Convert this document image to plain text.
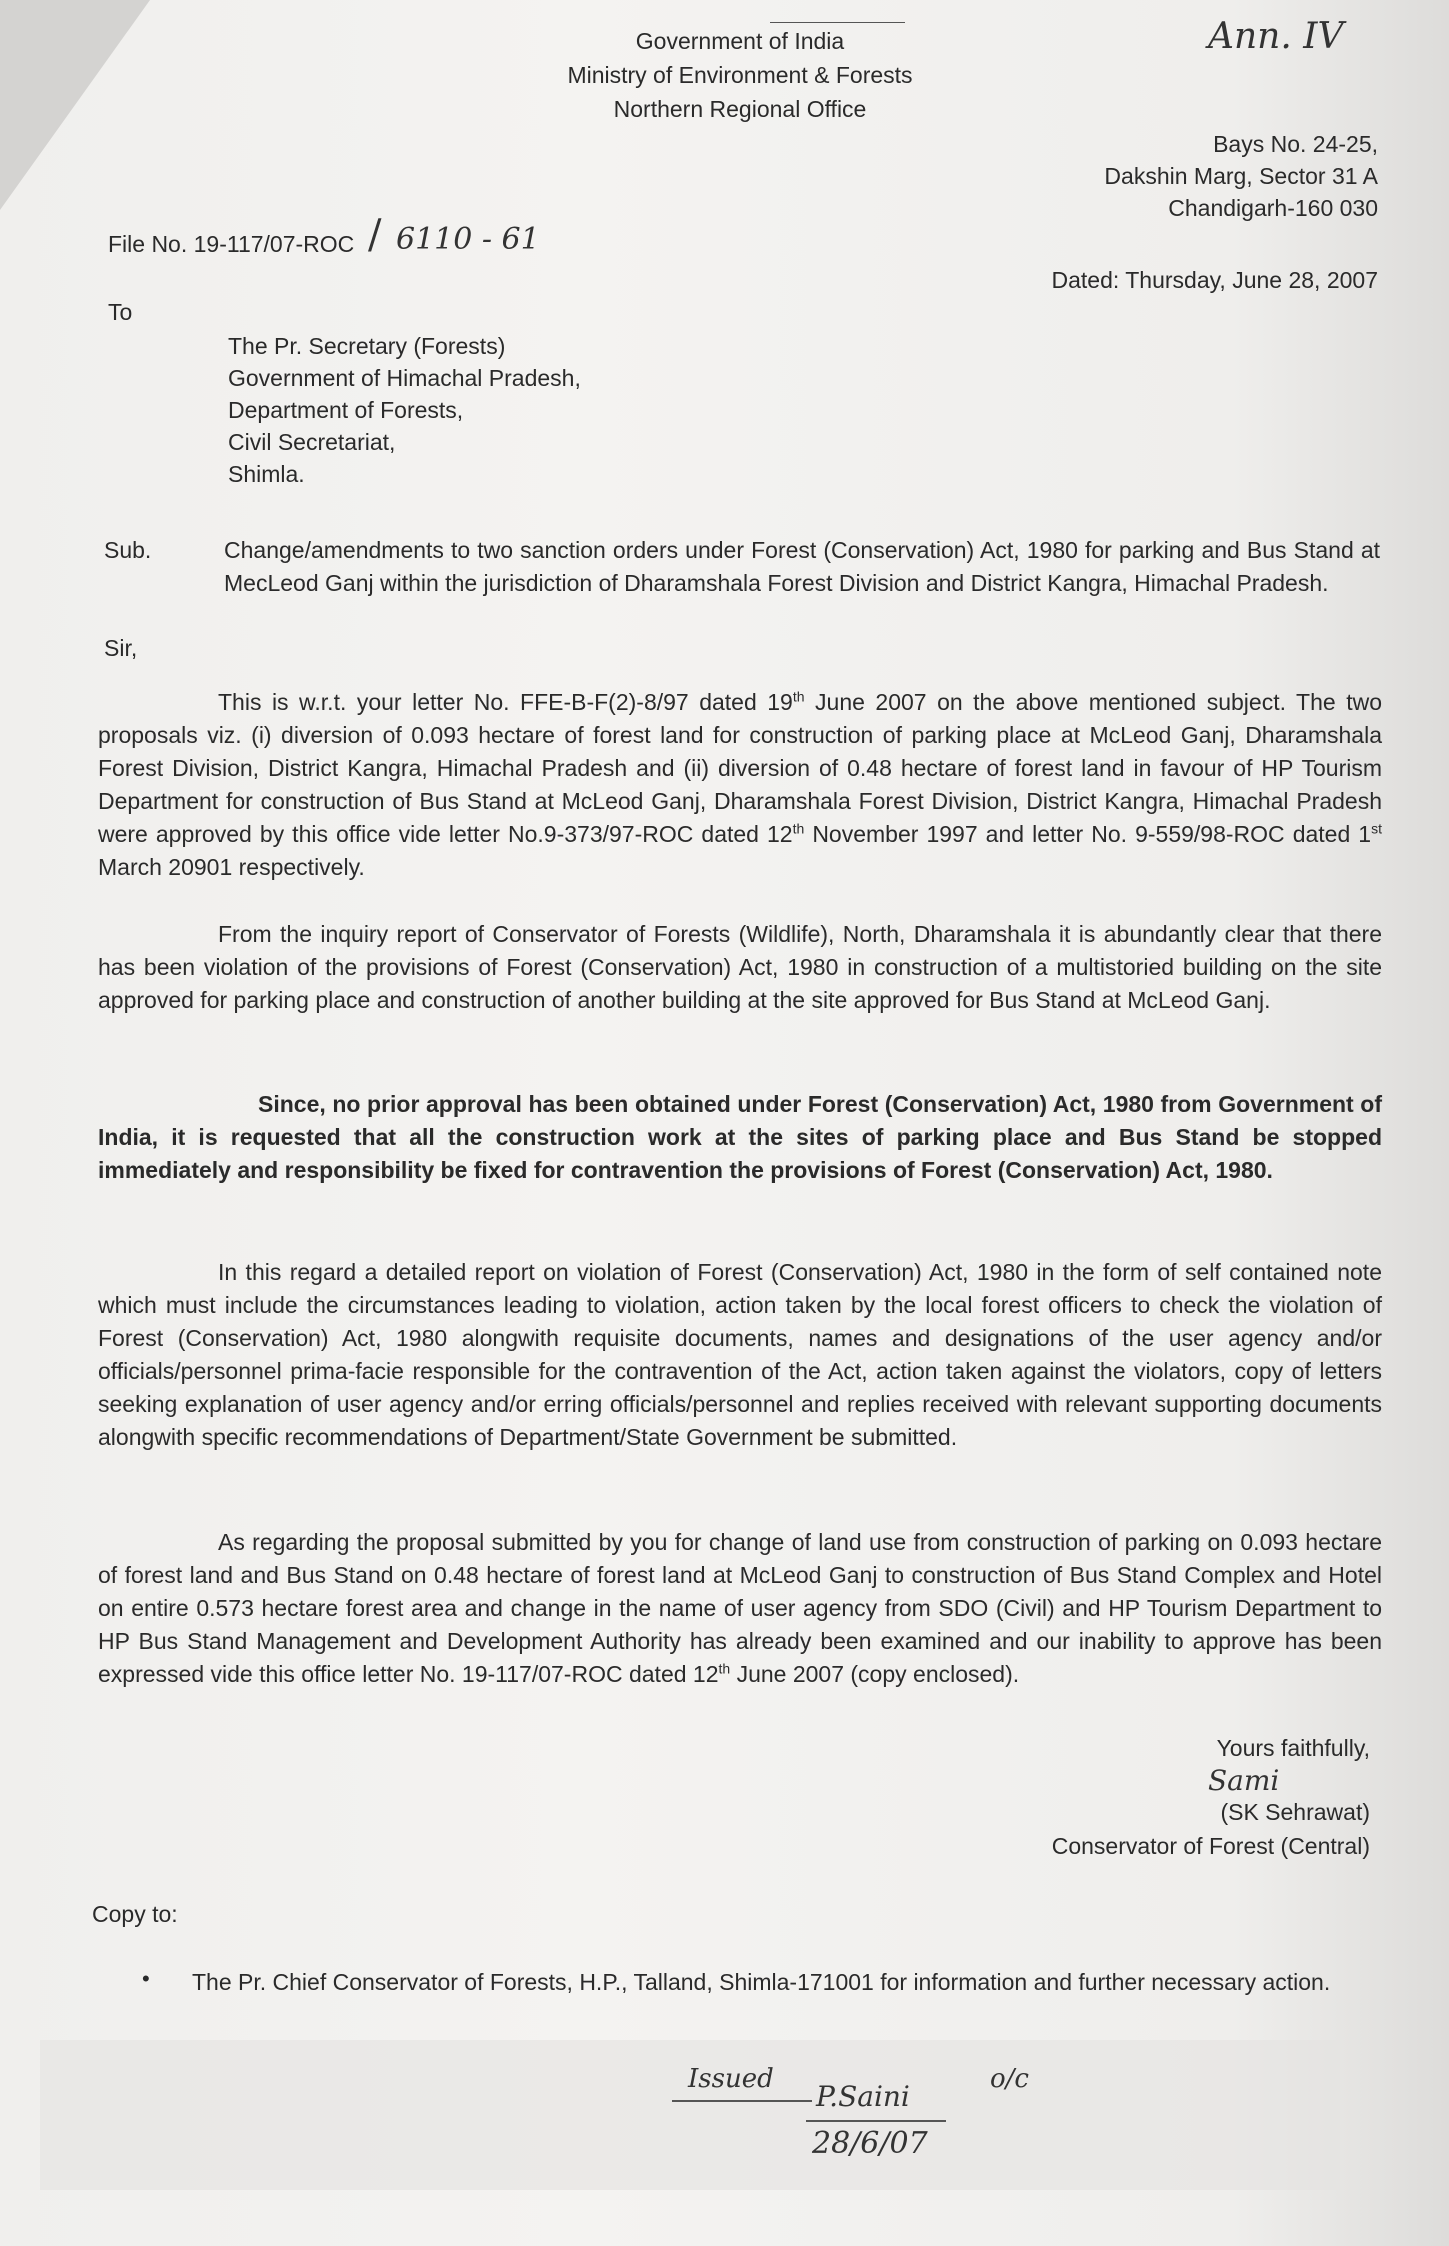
Government of India
Ministry of Environment & Forests
Northern Regional Office
Ann. IV
Bays No. 24-25,
Dakshin Marg, Sector 31 A
Chandigarh-160 030
File No. 19-117/07-ROC / 6110 - 61
Dated: Thursday, June 28, 2007
To
The Pr. Secretary (Forests)
Government of Himachal Pradesh,
Department of Forests,
Civil Secretariat,
Shimla.
Sub.	Change/amendments to two sanction orders under Forest (Conservation) Act, 1980 for parking and Bus Stand at MecLeod Ganj within the jurisdiction of Dharamshala Forest Division and District Kangra, Himachal Pradesh.
Sir,
This is w.r.t. your letter No. FFE-B-F(2)-8/97 dated 19th June 2007 on the above mentioned subject. The two proposals viz. (i) diversion of 0.093 hectare of forest land for construction of parking place at McLeod Ganj, Dharamshala Forest Division, District Kangra, Himachal Pradesh and (ii) diversion of 0.48 hectare of forest land in favour of HP Tourism Department for construction of Bus Stand at McLeod Ganj, Dharamshala Forest Division, District Kangra, Himachal Pradesh were approved by this office vide letter No.9-373/97-ROC dated 12th November 1997 and letter No. 9-559/98-ROC dated 1st March 20901 respectively.
From the inquiry report of Conservator of Forests (Wildlife), North, Dharamshala it is abundantly clear that there has been violation of the provisions of Forest (Conservation) Act, 1980 in construction of a multistoried building on the site approved for parking place and construction of another building at the site approved for Bus Stand at McLeod Ganj.
Since, no prior approval has been obtained under Forest (Conservation) Act, 1980 from Government of India, it is requested that all the construction work at the sites of parking place and Bus Stand be stopped immediately and responsibility be fixed for contravention the provisions of Forest (Conservation) Act, 1980.
In this regard a detailed report on violation of Forest (Conservation) Act, 1980 in the form of self contained note which must include the circumstances leading to violation, action taken by the local forest officers to check the violation of Forest (Conservation) Act, 1980 alongwith requisite documents, names and designations of the user agency and/or officials/personnel prima-facie responsible for the contravention of the Act, action taken against the violators, copy of letters seeking explanation of user agency and/or erring officials/personnel and replies received with relevant supporting documents alongwith specific recommendations of Department/State Government be submitted.
As regarding the proposal submitted by you for change of land use from construction of parking on 0.093 hectare of forest land and Bus Stand on 0.48 hectare of forest land at McLeod Ganj to construction of Bus Stand Complex and Hotel on entire 0.573 hectare forest area and change in the name of user agency from SDO (Civil) and HP Tourism Department to HP Bus Stand Management and Development Authority has already been examined and our inability to approve has been expressed vide this office letter No. 19-117/07-ROC dated 12th June 2007 (copy enclosed).
Yours faithfully,
Sami
(SK Sehrawat)
Conservator of Forest (Central)
Copy to:
• The Pr. Chief Conservator of Forests, H.P., Talland, Shimla-171001 for information and further necessary action.
Issued
P.Saini
o/c
28/6/07
